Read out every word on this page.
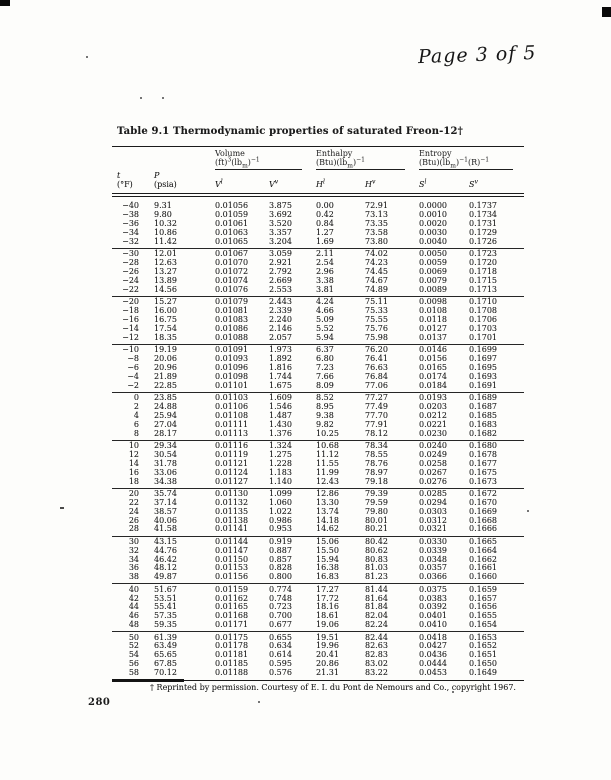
Page 3 of 5
Table 9.1 Thermodynamic properties of saturated Freon-12†
Volume
$(ft)^3(lb_m)^{-1}$
Enthalpy
$(Btu)(lb_m)^{-1}$
Entropy
$(Btu)(lb_m)^{-1}(R)^{-1}$
t
(°F)
P
(psia)	$V^l$	$V^v$	$H^l$	$H^v$	$S^l$	$S^v$
−40	9.31	0.01056	3.875	0.00	72.91	0.0000	0.1737
−38	9.80	0.01059	3.692	0.42	73.13	0.0010	0.1734
−36	10.32	0.01061	3.520	0.84	73.35	0.0020	0.1731
−34	10.86	0.01063	3.357	1.27	73.58	0.0030	0.1729
−32	11.42	0.01065	3.204	1.69	73.80	0.0040	0.1726
−30	12.01	0.01067	3.059	2.11	74.02	0.0050	0.1723
−28	12.63	0.01070	2.921	2.54	74.23	0.0059	0.1720
−26	13.27	0.01072	2.792	2.96	74.45	0.0069	0.1718
−24	13.89	0.01074	2.669	3.38	74.67	0.0079	0.1715
−22	14.56	0.01076	2.553	3.81	74.89	0.0089	0.1713
−20	15.27	0.01079	2.443	4.24	75.11	0.0098	0.1710
−18	16.00	0.01081	2.339	4.66	75.33	0.0108	0.1708
−16	16.75	0.01083	2.240	5.09	75.55	0.0118	0.1706
−14	17.54	0.01086	2.146	5.52	75.76	0.0127	0.1703
−12	18.35	0.01088	2.057	5.94	75.98	0.0137	0.1701
−10	19.19	0.01091	1.973	6.37	76.20	0.0146	0.1699
−8	20.06	0.01093	1.892	6.80	76.41	0.0156	0.1697
−6	20.96	0.01096	1.816	7.23	76.63	0.0165	0.1695
−4	21.89	0.01098	1.744	7.66	76.84	0.0174	0.1693
−2	22.85	0.01101	1.675	8.09	77.06	0.0184	0.1691
0	23.85	0.01103	1.609	8.52	77.27	0.0193	0.1689
2	24.88	0.01106	1.546	8.95	77.49	0.0203	0.1687
4	25.94	0.01108	1.487	9.38	77.70	0.0212	0.1685
6	27.04	0.01111	1.430	9.82	77.91	0.0221	0.1683
8	28.17	0.01113	1.376	10.25	78.12	0.0230	0.1682
10	29.34	0.01116	1.324	10.68	78.34	0.0240	0.1680
12	30.54	0.01119	1.275	11.12	78.55	0.0249	0.1678
14	31.78	0.01121	1.228	11.55	78.76	0.0258	0.1677
16	33.06	0.01124	1.183	11.99	78.97	0.0267	0.1675
18	34.38	0.01127	1.140	12.43	79.18	0.0276	0.1673
20	35.74	0.01130	1.099	12.86	79.39	0.0285	0.1672
22	37.14	0.01132	1.060	13.30	79.59	0.0294	0.1670
24	38.57	0.01135	1.022	13.74	79.80	0.0303	0.1669
26	40.06	0.01138	0.986	14.18	80.01	0.0312	0.1668
28	41.58	0.01141	0.953	14.62	80.21	0.0321	0.1666
30	43.15	0.01144	0.919	15.06	80.42	0.0330	0.1665
32	44.76	0.01147	0.887	15.50	80.62	0.0339	0.1664
34	46.42	0.01150	0.857	15.94	80.83	0.0348	0.1662
36	48.12	0.01153	0.828	16.38	81.03	0.0357	0.1661
38	49.87	0.01156	0.800	16.83	81.23	0.0366	0.1660
40	51.67	0.01159	0.774	17.27	81.44	0.0375	0.1659
42	53.51	0.01162	0.748	17.72	81.64	0.0383	0.1657
44	55.41	0.01165	0.723	18.16	81.84	0.0392	0.1656
46	57.35	0.01168	0.700	18.61	82.04	0.0401	0.1655
48	59.35	0.01171	0.677	19.06	82.24	0.0410	0.1654
50	61.39	0.01175	0.655	19.51	82.44	0.0418	0.1653
52	63.49	0.01178	0.634	19.96	82.63	0.0427	0.1652
54	65.65	0.01181	0.614	20.41	82.83	0.0436	0.1651
56	67.85	0.01185	0.595	20.86	83.02	0.0444	0.1650
58	70.12	0.01188	0.576	21.31	83.22	0.0453	0.1649
† Reprinted by permission. Courtesy of E. I. du Pont de Nemours and Co., copyright 1967.
280
